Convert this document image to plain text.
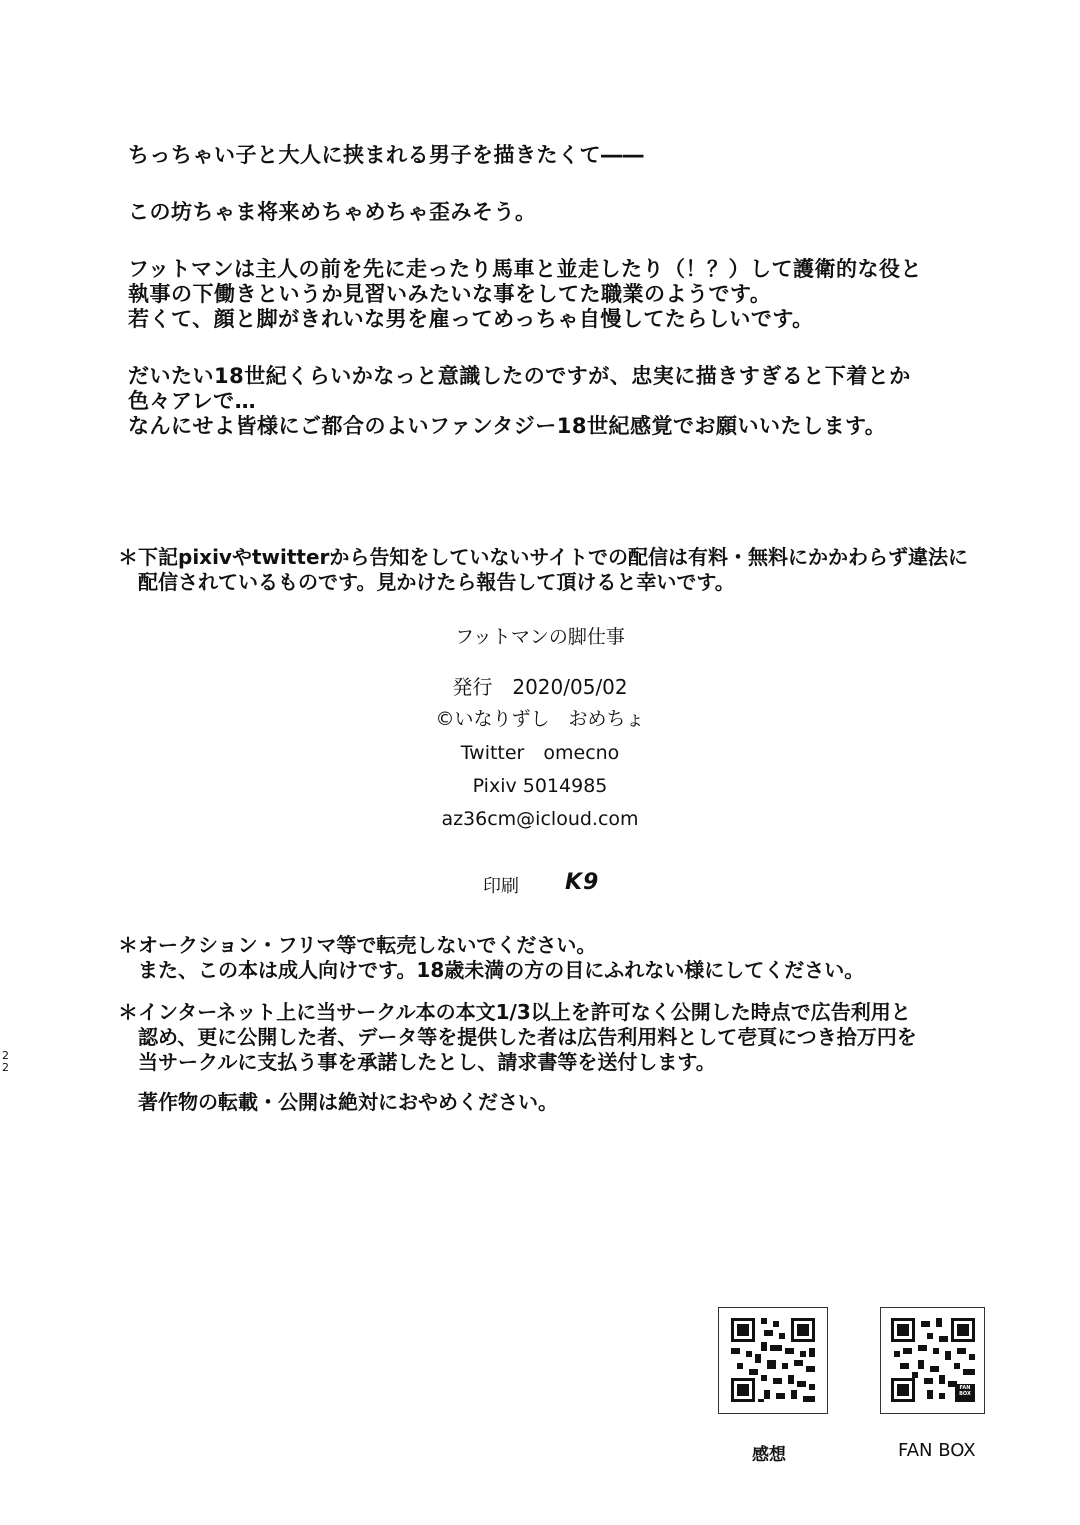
ちっちゃい子と大人に挟まれる男子を描きたくて――

この坊ちゃま将来めちゃめちゃ歪みそう。

フットマンは主人の前を先に走ったり馬車と並走したり（！？）して護衛的な役と
執事の下働きというか見習いみたいな事をしてた職業のようです。
若くて、顔と脚がきれいな男を雇ってめっちゃ自慢してたらしいです。

だいたい18世紀くらいかなっと意識したのですが、忠実に描きすぎると下着とか
色々アレで…
なんにせよ皆様にご都合のよいファンタジー18世紀感覚でお願いいたします。

＊下記pixivやtwitterから告知をしていないサイトでの配信は有料・無料にかかわらず違法に
　配信されているものです。見かけたら報告して頂けると幸いです。
フットマンの脚仕事
発行　2020/05/02
©いなりずし　おめちょ
Twitter　omecno
Pixiv 5014985
az36cm@icloud.com
印刷 K9
＊オークション・フリマ等で転売しないでください。
　また、この本は成人向けです。18歳未満の方の目にふれない様にしてください。
＊インターネット上に当サークル本の本文1/3以上を許可なく公開した時点で広告利用と
　認め、更に公開した者、データ等を提供した者は広告利用料として壱頁につき拾万円を
　当サークルに支払う事を承諾したとし、請求書等を送付します。
　著作物の転載・公開は絶対におやめください。
22
FAN BOX
感想	FAN BOX
